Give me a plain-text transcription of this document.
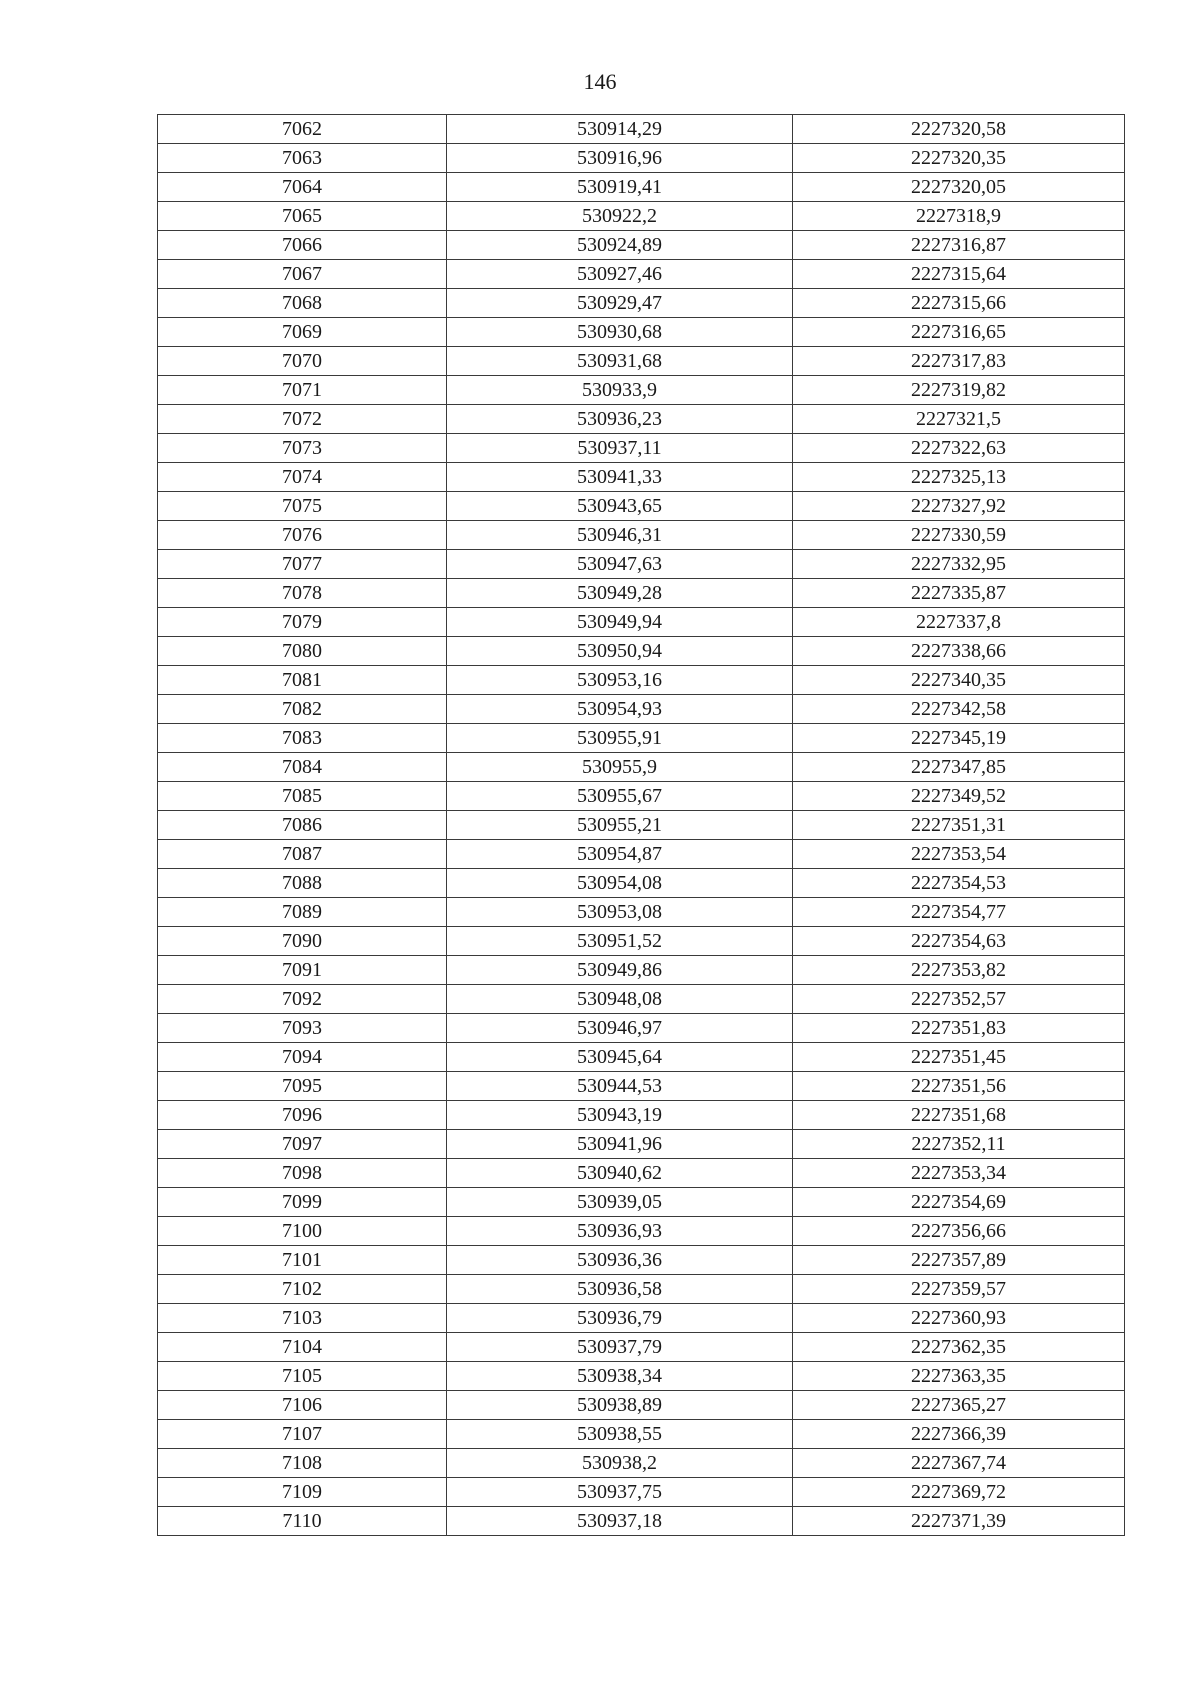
146
7062	530914,29	2227320,58
7063	530916,96	2227320,35
7064	530919,41	2227320,05
7065	530922,2	2227318,9
7066	530924,89	2227316,87
7067	530927,46	2227315,64
7068	530929,47	2227315,66
7069	530930,68	2227316,65
7070	530931,68	2227317,83
7071	530933,9	2227319,82
7072	530936,23	2227321,5
7073	530937,11	2227322,63
7074	530941,33	2227325,13
7075	530943,65	2227327,92
7076	530946,31	2227330,59
7077	530947,63	2227332,95
7078	530949,28	2227335,87
7079	530949,94	2227337,8
7080	530950,94	2227338,66
7081	530953,16	2227340,35
7082	530954,93	2227342,58
7083	530955,91	2227345,19
7084	530955,9	2227347,85
7085	530955,67	2227349,52
7086	530955,21	2227351,31
7087	530954,87	2227353,54
7088	530954,08	2227354,53
7089	530953,08	2227354,77
7090	530951,52	2227354,63
7091	530949,86	2227353,82
7092	530948,08	2227352,57
7093	530946,97	2227351,83
7094	530945,64	2227351,45
7095	530944,53	2227351,56
7096	530943,19	2227351,68
7097	530941,96	2227352,11
7098	530940,62	2227353,34
7099	530939,05	2227354,69
7100	530936,93	2227356,66
7101	530936,36	2227357,89
7102	530936,58	2227359,57
7103	530936,79	2227360,93
7104	530937,79	2227362,35
7105	530938,34	2227363,35
7106	530938,89	2227365,27
7107	530938,55	2227366,39
7108	530938,2	2227367,74
7109	530937,75	2227369,72
7110	530937,18	2227371,39
